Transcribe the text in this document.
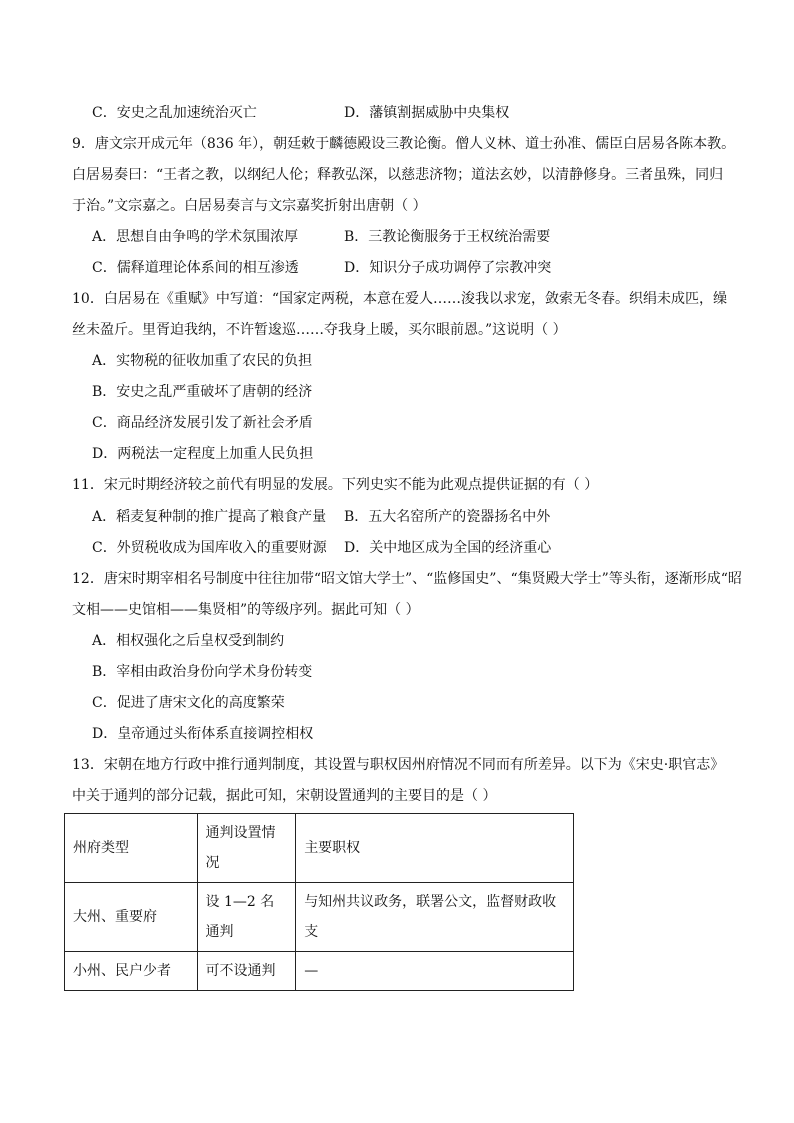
C．安史之乱加速统治灭亡	D．藩镇割据威胁中央集权
9．唐文宗开成元年（836 年），朝廷敕于麟德殿设三教论衡。僧人义林、道士孙准、儒臣白居易各陈本教。
白居易奏曰：“王者之教，以纲纪人伦；释教弘深，以慈悲济物；道法玄妙，以清静修身。三者虽殊，同归
于治。”文宗嘉之。白居易奏言与文宗嘉奖折射出唐朝（ ）
A．思想自由争鸣的学术氛围浓厚	B．三教论衡服务于王权统治需要
C．儒释道理论体系间的相互渗透	D．知识分子成功调停了宗教冲突
10．白居易在《重赋》中写道：“国家定两税，本意在爱人……浚我以求宠，敛索无冬春。织绢未成匹，缲
丝未盈斤。里胥迫我纳，不许暂逡巡……夺我身上暖，买尔眼前恩。”这说明（ ）
A．实物税的征收加重了农民的负担
B．安史之乱严重破坏了唐朝的经济
C．商品经济发展引发了新社会矛盾
D．两税法一定程度上加重人民负担
11．宋元时期经济较之前代有明显的发展。下列史实不能为此观点提供证据的有（ ）
A．稻麦复种制的推广提高了粮食产量 B．五大名窑所产的瓷器扬名中外
C．外贸税收成为国库收入的重要财源 D．关中地区成为全国的经济重心
12．唐宋时期宰相名号制度中往往加带“昭文馆大学士”、“监修国史”、“集贤殿大学士”等头衔，逐渐形成“昭
文相——史馆相——集贤相”的等级序列。据此可知（ ）
A．相权强化之后皇权受到制约
B．宰相由政治身份向学术身份转变
C．促进了唐宋文化的高度繁荣
D．皇帝通过头衔体系直接调控相权
13．宋朝在地方行政中推行通判制度，其设置与职权因州府情况不同而有所差异。以下为《宋史·职官志》
中关于通判的部分记载，据此可知，宋朝设置通判的主要目的是（ ）
州府类型	通判设置情况	主要职权
大州、重要府	设 1—2 名通判	与知州共议政务，联署公文，监督财政收支
小州、民户少者	可不设通判	—
